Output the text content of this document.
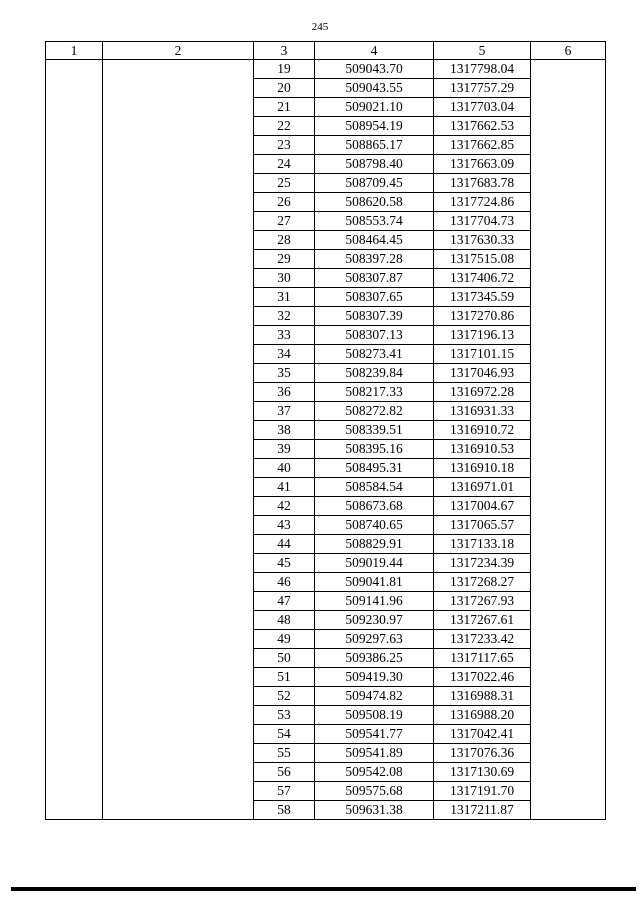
245
1	2	3	4	5	6
		19	509043.70	1317798.04	
		20	509043.55	1317757.29	
		21	509021.10	1317703.04	
		22	508954.19	1317662.53	
		23	508865.17	1317662.85	
		24	508798.40	1317663.09	
		25	508709.45	1317683.78	
		26	508620.58	1317724.86	
		27	508553.74	1317704.73	
		28	508464.45	1317630.33	
		29	508397.28	1317515.08	
		30	508307.87	1317406.72	
		31	508307.65	1317345.59	
		32	508307.39	1317270.86	
		33	508307.13	1317196.13	
		34	508273.41	1317101.15	
		35	508239.84	1317046.93	
		36	508217.33	1316972.28	
		37	508272.82	1316931.33	
		38	508339.51	1316910.72	
		39	508395.16	1316910.53	
		40	508495.31	1316910.18	
		41	508584.54	1316971.01	
		42	508673.68	1317004.67	
		43	508740.65	1317065.57	
		44	508829.91	1317133.18	
		45	509019.44	1317234.39	
		46	509041.81	1317268.27	
		47	509141.96	1317267.93	
		48	509230.97	1317267.61	
		49	509297.63	1317233.42	
		50	509386.25	1317117.65	
		51	509419.30	1317022.46	
		52	509474.82	1316988.31	
		53	509508.19	1316988.20	
		54	509541.77	1317042.41	
		55	509541.89	1317076.36	
		56	509542.08	1317130.69	
		57	509575.68	1317191.70	
		58	509631.38	1317211.87	
